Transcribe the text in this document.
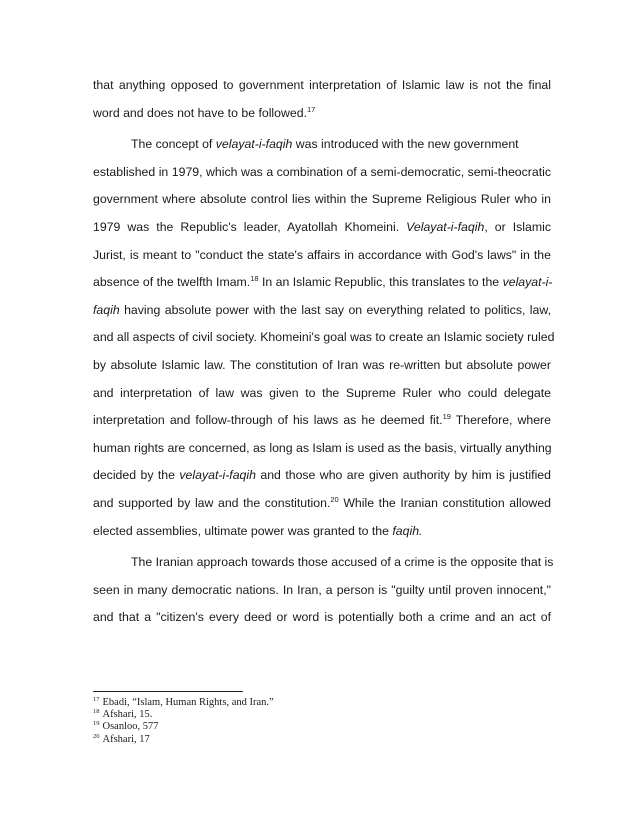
that anything opposed to government interpretation of Islamic law is not the final
word and does not have to be followed.$^{17}$
The concept of velayat-i-faqih was introduced with the new government
established in 1979, which was a combination of a semi-democratic, semi-theocratic
government where absolute control lies within the Supreme Religious Ruler who in
1979 was the Republic's leader, Ayatollah Khomeini. Velayat-i-faqih, or Islamic
Jurist, is meant to "conduct the state's affairs in accordance with God's laws" in the
absence of the twelfth Imam.$^{18}$ In an Islamic Republic, this translates to the velayat-i-
faqih having absolute power with the last say on everything related to politics, law,
and all aspects of civil society. Khomeini's goal was to create an Islamic society ruled
by absolute Islamic law. The constitution of Iran was re-written but absolute power
and interpretation of law was given to the Supreme Ruler who could delegate
interpretation and follow-through of his laws as he deemed fit.$^{19}$ Therefore, where
human rights are concerned, as long as Islam is used as the basis, virtually anything
decided by the velayat-i-faqih and those who are given authority by him is justified
and supported by law and the constitution.$^{20}$ While the Iranian constitution allowed
elected assemblies, ultimate power was granted to the faqih.
The Iranian approach towards those accused of a crime is the opposite that is
seen in many democratic nations. In Iran, a person is "guilty until proven innocent,"
and that a "citizen's every deed or word is potentially both a crime and an act of
$^{17}$ Ebadi, “Islam, Human Rights, and Iran.”
$^{18}$ Afshari, 15.
$^{19}$ Osanloo, 577
$^{20}$ Afshari, 17
